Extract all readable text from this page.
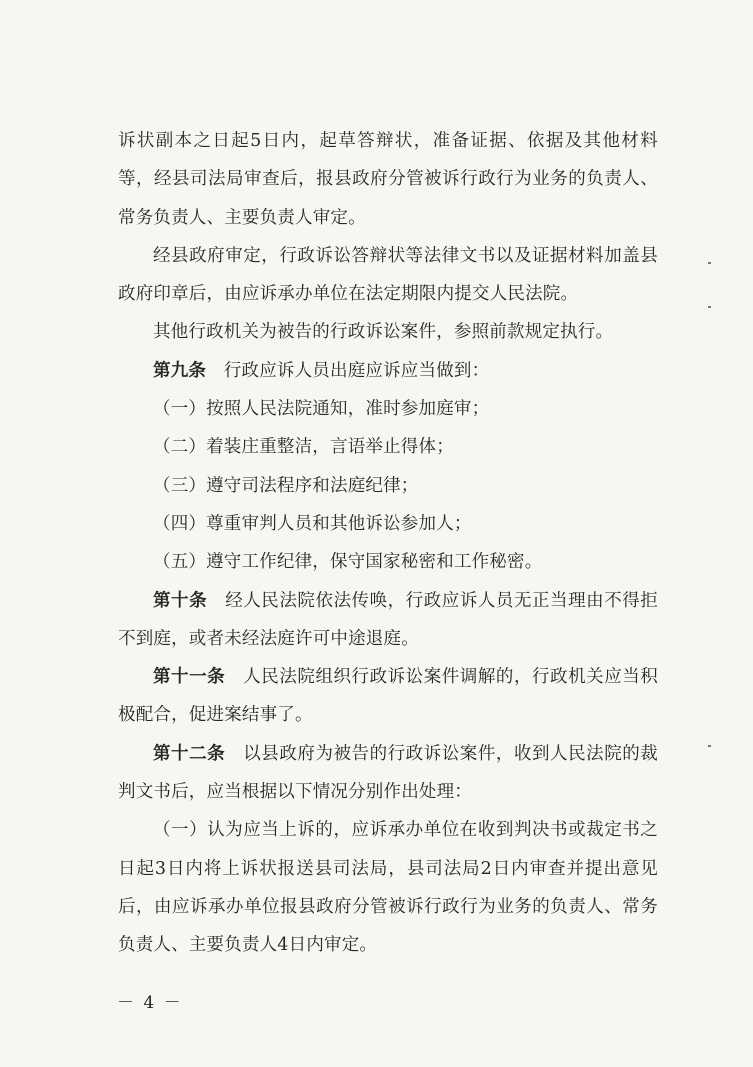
诉状副本之日起5日内，起草答辩状，准备证据、依据及其他材料等，经县司法局审查后，报县政府分管被诉行政行为业务的负责人、常务负责人、主要负责人审定。

经县政府审定，行政诉讼答辩状等法律文书以及证据材料加盖县政府印章后，由应诉承办单位在法定期限内提交人民法院。

其他行政机关为被告的行政诉讼案件，参照前款规定执行。

第九条  行政应诉人员出庭应诉应当做到：

（一）按照人民法院通知，准时参加庭审；

（二）着装庄重整洁，言语举止得体；

（三）遵守司法程序和法庭纪律；

（四）尊重审判人员和其他诉讼参加人；

（五）遵守工作纪律，保守国家秘密和工作秘密。

第十条  经人民法院依法传唤，行政应诉人员无正当理由不得拒不到庭，或者未经法庭许可中途退庭。

第十一条  人民法院组织行政诉讼案件调解的，行政机关应当积极配合，促进案结事了。

第十二条  以县政府为被告的行政诉讼案件，收到人民法院的裁判文书后，应当根据以下情况分别作出处理：

（一）认为应当上诉的，应诉承办单位在收到判决书或裁定书之日起3日内将上诉状报送县司法局，县司法局2日内审查并提出意见后，由应诉承办单位报县政府分管被诉行政行为业务的负责人、常务负责人、主要负责人4日内审定。

－ 4 －
